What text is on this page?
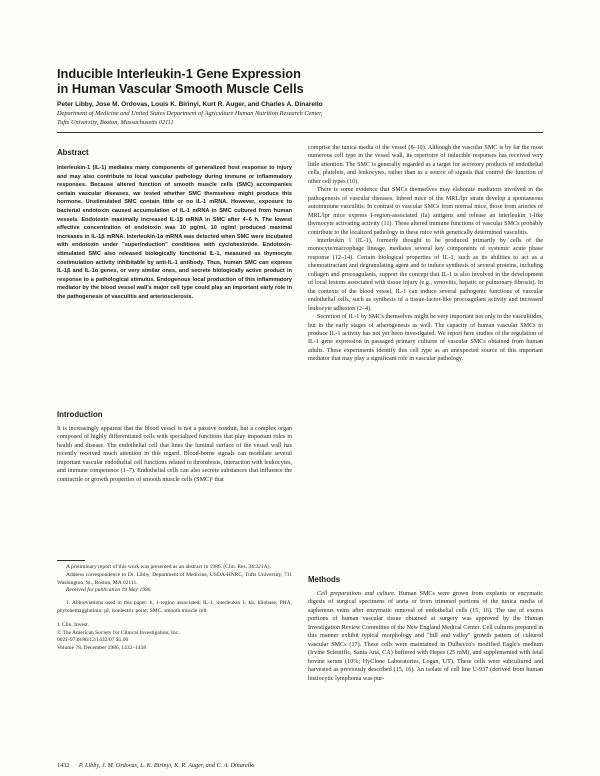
Inducible Interleukin-1 Gene Expression
in Human Vascular Smooth Muscle Cells
Peter Libby, Jose M. Ordovas, Louis K. Birinyi, Kurt R. Auger, and Charles A. Dinarello
Department of Medicine and United States Department of Agriculture Human Nutrition Research Center,
Tufts University, Boston, Massachusetts 02111
Abstract

Interleukin-1 (IL-1) mediates many components of generalized host response to injury and may also contribute to local vascular pathology during immune or inflammatory responses. Because altered function of smooth muscle cells (SMC) accompanies certain vascular diseases, we tested whether SMC themselves might produce this hormone. Unstimulated SMC contain little or no IL-1 mRNA. However, exposure to bacterial endotoxin caused accumulation of IL-1 mRNA in SMC cultured from human vessels. Endotoxin maximally increased IL-1β mRNA in SMC after 4–6 h. The lowest effective concentration of endotoxin was 10 pg/ml, 10 ng/ml produced maximal increases in IL-1β mRNA. Interleukin-1α mRNA was detected when SMC were incubated with endotoxin under "superinduction" conditions with cycloheximide. Endotoxin-stimulated SMC also released biologically functional IL-1, measured as thymocyte costimulation activity inhibitable by anti-IL-1 antibody. Thus, human SMC can express IL-1β and IL-1α genes, or very similar ones, and secrete biologically active product in response to a pathological stimulus. Endogenous local production of this inflammatory mediator by the blood vessel wall's major cell type could play an important early role in the pathogenesis of vasculitis and arteriosclerosis.

Introduction

It is increasingly apparent that the blood vessel is not a passive conduit, but a complex organ composed of highly differentiated cells with specialized functions that play important roles in health and disease. The endothelial cell that lines the luminal surface of the vessel wall has recently received much attention in this regard. Blood-borne signals can modulate several important vascular endothelial cell functions related to thrombosis, interaction with leukocytes, and immune competence (1–7). Endothelial cells can also secrete substances that influence the contractile or growth properties of smooth muscle cells (SMC)¹ that

A preliminary report of this work was presented as an abstract in 1986. (Clin. Res. 34:321A).

Address correspondence to Dr. Libby, Department of Medicine, USDA-HNRC, Tufts University, 711 Washington, St., Boston, MA 02111.

Received for publication 19 May 1986.

1. Abbreviations used in this paper: h, 1-regino associated; IL-1, interleukin 1; kb, kilobase; PHA, phytohemagglutinin; pI, isoelectric point; SMC, smooth muscle cell.

J. Clin. Invest.

© The American Society for Clinical Investigation, Inc.

0021-9738/86/12/1432/07 $1.00

Volume 78, December 1986, 1432–1438

comprise the tunica media of the vessel (8–10). Although the vascular SMC is by far the most numerous cell type in the vessel wall, its repertoire of inducible responses has received very little attention. The SMC is generally regarded as a target for secretory products of endothelial cells, platelets, and leukocytes, rather than as a source of signals that control the function of other cell types (10).

There is some evidence that SMCs themselves may elaborate mediators involved in the pathogenesis of vascular diseases. Inbred mice of the MRL/lpr strain develop a spontaneous autoimmune vasculitis. In contrast to vascular SMCs from normal mice, those from arteries of MRL/lpr mice express I-region-associated (Ia) antigens and release an interleukin 1-like thymocyte activating activity (11). These altered immune functions of vascular SMCs probably contribute to the localized pathology in these mice with genetically determined vasculitis.

Interleukin 1 (IL-1), formerly thought to be produced primarily by cells of the monocyte/macrophage lineage, mediates several key components of systemic acute phase response (12–14). Certain biological properties of IL-1, such as its abilities to act as a chemoattractant and degranulating agent and to induce synthesis of several proteins, including collagen and procoagulants, support the concept that IL-1 is also involved in the development of local lesions associated with tissue injury (e.g., synovitis, hepatic or pulmonary fibrosis). In the contexts of the blood vessel, IL-1 can induce several pathogenic functions of vascular endothelial cells, such as synthesis of a tissue-factor-like procoagulant activity and increased leukocyte adhesion (2–4).

Secretion of IL-1 by SMCs themselves might be very important not only to the vasculitides, but in the early stages of atherogenesis as well. The capacity of human vascular SMCs to produce IL-1 activity has not yet been investigated. We report here studies of the regulation of IL-1 gene expression in passaged primary cultures of vascular SMCs obtained from human adults. These experiments identify this cell type as an unexpected source of this important mediator that may play a significant role in vascular pathology.

Methods

Cell preparations and culture. Human SMCs were grown from explants or enzymatic digests of surgical specimens of aorta or from trimmed portions of the tunica media of saphenous veins after enzymatic removal of endothelial cells (15, 16). The use of excess portions of human vascular tissue obtained at surgery was approved by the Human Investigation Review Committee of the New England Medical Center. Cell cultures prepared in this manner exhibit typical morphology and "hill and valley" growth pattern of cultured vascular SMCs (17). These cells were maintained in Dulbecco's modified Eagle's medium (Irvine Scientific, Santa Ana, CA) buffered with Hepes (25 mM), and supplemented with fetal bovine serum (10%; HyClone Laboratories, Logan, UT). These cells were subcultured and harvested as previously described (15, 16). An isolate of cell line U-937 (derived from human histiocytic lymphoma was pur-

1432 P. Libby, J. M. Ordovas, L. K. Birinyi, K. R. Auger, and C. A. Dinarello
